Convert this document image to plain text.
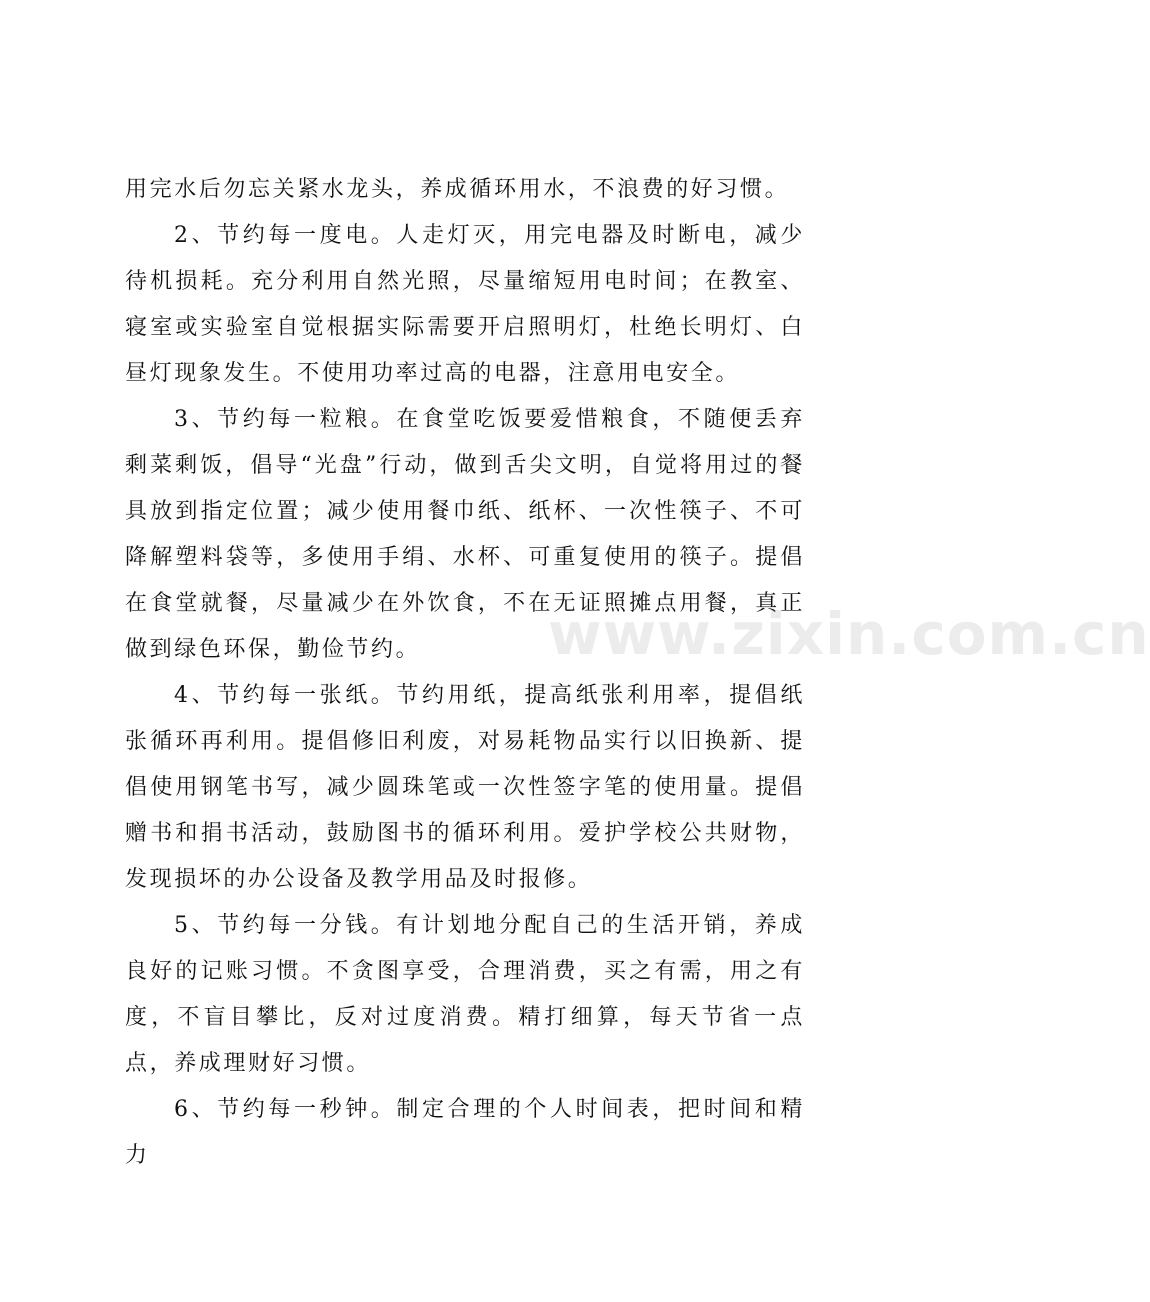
用完水后勿忘关紧水龙头，养成循环用水，不浪费的好习惯。

2、节约每一度电。人走灯灭，用完电器及时断电，减少待机损耗。充分利用自然光照，尽量缩短用电时间；在教室、寝室或实验室自觉根据实际需要开启照明灯，杜绝长明灯、白昼灯现象发生。不使用功率过高的电器，注意用电安全。

3、节约每一粒粮。在食堂吃饭要爱惜粮食，不随便丢弃剩菜剩饭，倡导“光盘”行动，做到舌尖文明，自觉将用过的餐具放到指定位置；减少使用餐巾纸、纸杯、一次性筷子、不可降解塑料袋等，多使用手绢、水杯、可重复使用的筷子。提倡在食堂就餐，尽量减少在外饮食，不在无证照摊点用餐，真正做到绿色环保，勤俭节约。

4、节约每一张纸。节约用纸，提高纸张利用率，提倡纸张循环再利用。提倡修旧利废，对易耗物品实行以旧换新、提倡使用钢笔书写，减少圆珠笔或一次性签字笔的使用量。提倡赠书和捐书活动，鼓励图书的循环利用。爱护学校公共财物，发现损坏的办公设备及教学用品及时报修。

5、节约每一分钱。有计划地分配自己的生活开销，养成良好的记账习惯。不贪图享受，合理消费，买之有需，用之有度，不盲目攀比，反对过度消费。精打细算，每天节省一点点，养成理财好习惯。

6、节约每一秒钟。制定合理的个人时间表，把时间和精力

www.zixin.com.cn
